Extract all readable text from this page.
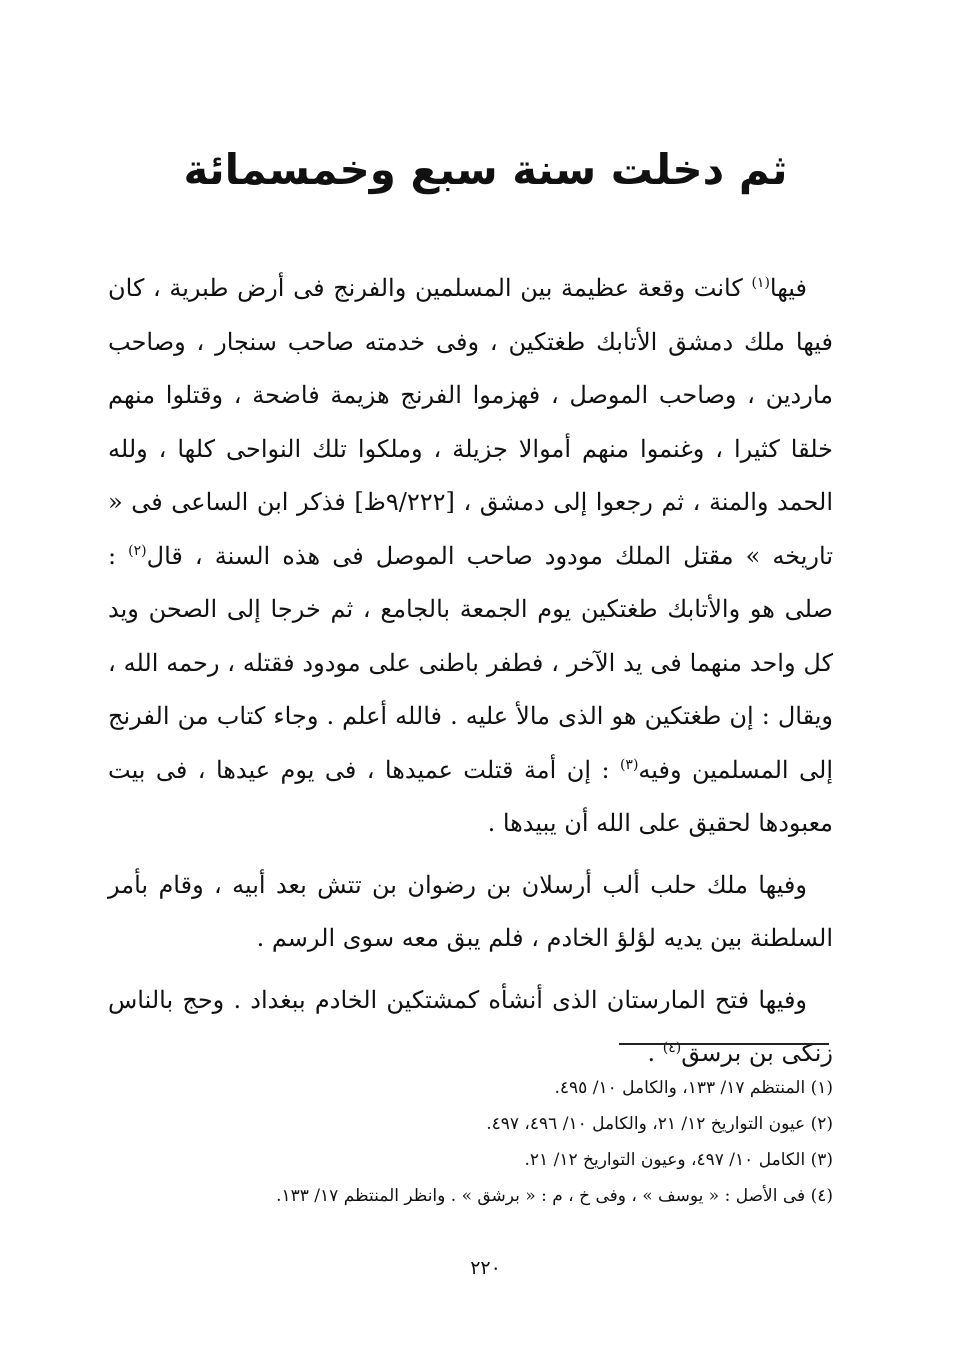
ثم دخلت سنة سبع وخمسمائة

فيها$^{(١)}$ كانت وقعة عظيمة بين المسلمين والفرنج فى أرض طبرية ، كان فيها ملك دمشق الأتابك طغتكين ، وفى خدمته صاحب سنجار ، وصاحب ماردين ، وصاحب الموصل ، فهزموا الفرنج هزيمة فاضحة ، وقتلوا منهم خلقا كثيرا ، وغنموا منهم أموالا جزيلة ، وملكوا تلك النواحى كلها ، ولله الحمد والمنة ، ثم رجعوا إلى دمشق ، [٩/٢٢٢ظ] فذكر ابن الساعى فى « تاريخه » مقتل الملك مودود صاحب الموصل فى هذه السنة ، قال$^{(٢)}$ : صلى هو والأتابك طغتكين يوم الجمعة بالجامع ، ثم خرجا إلى الصحن ويد كل واحد منهما فى يد الآخر ، فطفر باطنى على مودود فقتله ، رحمه الله ، ويقال : إن طغتكين هو الذى مالأ عليه . فالله أعلم . وجاء كتاب من الفرنج إلى المسلمين وفيه$^{(٣)}$ : إن أمة قتلت عميدها ، فى يوم عيدها ، فى بيت معبودها لحقيق على الله أن يبيدها .

وفيها ملك حلب ألب أرسلان بن رضوان بن تتش بعد أبيه ، وقام بأمر السلطنة بين يديه لؤلؤ الخادم ، فلم يبق معه سوى الرسم .

وفيها فتح المارستان الذى أنشأه كمشتكين الخادم ببغداد . وحج بالناس زنكى بن برسق$^{(٤)}$ .

(١) المنتظم ١٧/ ١٣٣، والكامل ١٠/ ٤٩٥.

(٢) عيون التواريخ ١٢/ ٢١، والكامل ١٠/ ٤٩٦، ٤٩٧.

(٣) الكامل ١٠/ ٤٩٧، وعيون التواريخ ١٢/ ٢١.

(٤) فى الأصل : « يوسف » ، وفى خ ، م : « برشق » . وانظر المنتظم ١٧/ ١٣٣.

٢٢٠
